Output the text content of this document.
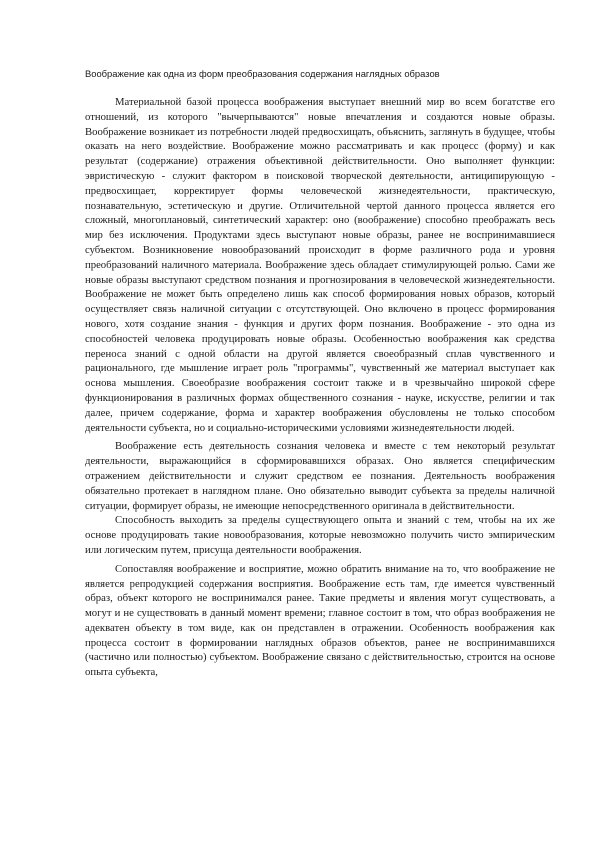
Воображение как одна из форм преобразования содержания наглядных образов

Материальной базой процесса воображения выступает внешний мир во всем богатстве его отношений, из которого "вычерпываются" новые впечатления и создаются новые образы. Воображение возникает из потребности людей предвосхищать, объяснить, заглянуть в будущее, чтобы оказать на него воздействие. Воображение можно рассматривать и как процесс (форму) и как результат (содержание) отражения объективной действительности. Оно выполняет функции: эвристическую - служит фактором в поисковой творческой деятельности, антиципирующую - предвосхищает, корректирует формы человеческой жизнедеятельности, практическую, познавательную, эстетическую и другие. Отличительной чертой данного процесса является его сложный, многоплановый, синтетический характер: оно (воображение) способно преображать весь мир без исключения. Продуктами здесь выступают новые образы, ранее не воспринимавшиеся субъектом. Возникновение новообразований происходит в форме различного рода и уровня преобразований наличного материала. Воображение здесь обладает стимулирующей ролью. Сами же новые образы выступают средством познания и прогнозирования в человеческой жизнедеятельности. Воображение не может быть определено лишь как способ формирования новых образов, который осуществляет связь наличной ситуации с отсутствующей. Оно включено в процесс формирования нового, хотя создание знания - функция и других форм познания. Воображение - это одна из способностей человека продуцировать новые образы. Особенностью воображения как средства переноса знаний с одной области на другой является своеобразный сплав чувственного и рационального, где мышление играет роль "программы", чувственный же материал выступает как основа мышления. Своеобразие воображения состоит также и в чрезвычайно широкой сфере функционирования в различных формах общественного сознания - науке, искусстве, религии и так далее, причем содержание, форма и характер воображения обусловлены не только способом деятельности субъекта, но и социально-историческими условиями жизнедеятельности людей.

Воображение есть деятельность сознания человека и вместе с тем некоторый результат деятельности, выражающийся в сформировавшихся образах. Оно является специфическим отражением действительности и служит средством ее познания. Деятельность воображения обязательно протекает в наглядном плане. Оно обязательно выводит субъекта за пределы наличной ситуации, формирует образы, не имеющие непосредственного оригинала в действительности.

Способность выходить за пределы существующего опыта и знаний с тем, чтобы на их же основе продуцировать такие новообразования, которые невозможно получить чисто эмпирическим или логическим путем, присуща деятельности воображения.

Сопоставляя воображение и восприятие, можно обратить внимание на то, что воображение не является репродукцией содержания восприятия. Воображение есть там, где имеется чувственный образ, объект которого не воспринимался ранее. Такие предметы и явления могут существовать, а могут и не существовать в данный момент времени; главное состоит в том, что образ воображения не адекватен объекту в том виде, как он представлен в отражении. Особенность воображения как процесса состоит в формировании наглядных образов объектов, ранее не воспринимавшихся (частично или полностью) субъектом. Воображение связано с действительностью, строится на основе опыта субъекта,
